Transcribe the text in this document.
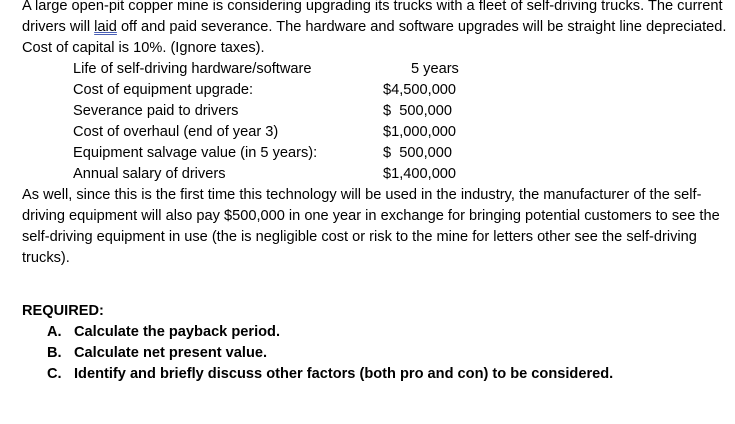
A large open-pit copper mine is considering upgrading its trucks with a fleet of self-driving trucks. The current drivers will laid off and paid severance. The hardware and software upgrades will be straight line depreciated. Cost of capital is 10%. (Ignore taxes).

Life of self-driving hardware/software	5 years
Cost of equipment upgrade:	$4,500,000
Severance paid to drivers	$  500,000
Cost of overhaul (end of year 3)	$1,000,000
Equipment salvage value (in 5 years):	$  500,000
Annual salary of drivers	$1,400,000

As well, since this is the first time this technology will be used in the industry, the manufacturer of the self-driving equipment will also pay $500,000 in one year in exchange for bringing potential customers to see the self-driving equipment in use (the is negligible cost or risk to the mine for letters other see the self-driving trucks).

REQUIRED:
A. Calculate the payback period.
B. Calculate net present value.
C. Identify and briefly discuss other factors (both pro and con) to be considered.
